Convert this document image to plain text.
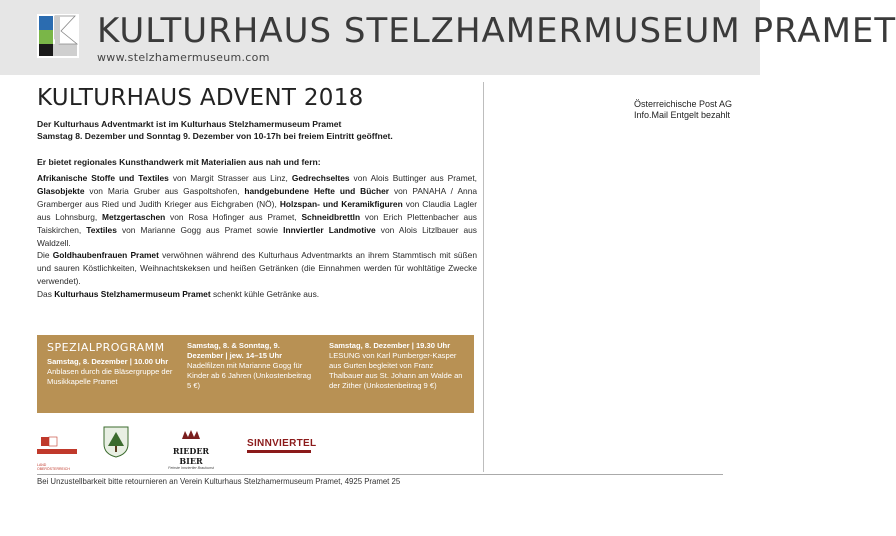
KULTURHAUS STELZHAMERMUSEUM PRAMET
www.stelzhamermuseum.com
Österreichische Post AG
Info.Mail Entgelt bezahlt
KULTURHAUS ADVENT 2018
Der Kulturhaus Adventmarkt ist im Kulturhaus Stelzhamermuseum Pramet
Samstag 8. Dezember und Sonntag 9. Dezember von 10-17h bei freiem Eintritt geöffnet.
Er bietet regionales Kunsthandwerk mit Materialien aus nah und fern:

Afrikanische Stoffe und Textiles von Margit Strasser aus Linz, Gedrechseltes von Alois Buttinger aus Pramet, Glasobjekte von Maria Gruber aus Gaspoltshofen, handgebundene Hefte und Bücher von PANAHA / Anna Gramberger aus Ried und Judith Krieger aus Eichgraben (NÖ), Holzspan- und Keramikfiguren von Claudia Lagler aus Lohnsburg, Metzgertaschen von Rosa Hofinger aus Pramet, Schneidbrettln von Erich Plettenbacher aus Taiskirchen, Textiles von Marianne Gogg aus Pramet sowie Innviertler Landmotive von Alois Litzlbauer aus Waldzell.

Die Goldhaubenfrauen Pramet verwöhnen während des Kulturhaus Adventmarkts an ihrem Stammtisch mit süßen und sauren Köstlichkeiten, Weihnachtskeksen und heißen Getränken (die Einnahmen werden für wohltätige Zwecke verwendet).

Das Kulturhaus Stelzhamermuseum Pramet schenkt kühle Getränke aus.

SPEZIALPROGRAMM
Samstag, 8. Dezember | 10.00 Uhr
Anblasen durch die Bläsergruppe der Musikkapelle Pramet
Samstag, 8. & Sonntag, 9. Dezember | jew. 14–15 Uhr
Nadelfilzen mit Marianne Gogg für Kinder ab 6 Jahren (Unkostenbeitrag 5 €)
Samstag, 8. Dezember | 19.30 Uhr
LESUNG von Karl Pumberger-Kasper aus Gurten begleitet von Franz Thalbauer aus St. Johann am Walde an der Zither (Unkostenbeitrag 9 €)
LAND OBERÖSTERREICH
RIEDER BIER
Feinste Innviertler Braukunst
SINNVIERTEL
Bei Unzustellbarkeit bitte retournieren an Verein Kulturhaus Stelzhamermuseum Pramet, 4925 Pramet 25
